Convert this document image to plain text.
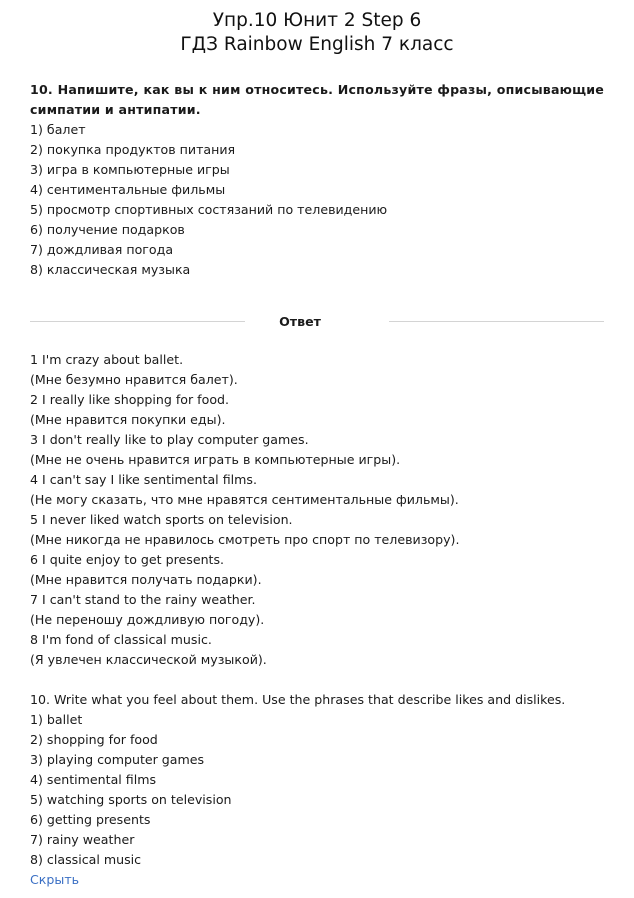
Упр.10 Юнит 2 Step 6
ГДЗ Rainbow English 7 класс
10. Напишите, как вы к ним относитесь. Используйте фразы, описывающие симпатии и антипатии.
1) балет
2) покупка продуктов питания
3) игра в компьютерные игры
4) сентиментальные фильмы
5) просмотр спортивных состязаний по телевидению
6) получение подарков
7) дождливая погода
8) классическая музыка
Ответ
1 I'm crazy about ballet.
(Мне безумно нравится балет).
2 I really like shopping for food.
(Мне нравится покупки еды).
3 I don't really like to play computer games.
(Мне не очень нравится играть в компьютерные игры).
4 I can't say I like sentimental films.
(Не могу сказать, что мне нравятся сентиментальные фильмы).
5 I never liked watch sports on television.
(Мне никогда не нравилось смотреть про спорт по телевизору).
6 I quite enjoy to get presents.
(Мне нравится получать подарки).
7 I can't stand to the rainy weather.
(Не переношу дождливую погоду).
8 I'm fond of classical music.
(Я увлечен классической музыкой).
10. Write what you feel about them. Use the phrases that describe likes and dislikes.
1) ballet
2) shopping for food
3) playing computer games
4) sentimental films
5) watching sports on television
6) getting presents
7) rainy weather
8) classical music
Скрыть
